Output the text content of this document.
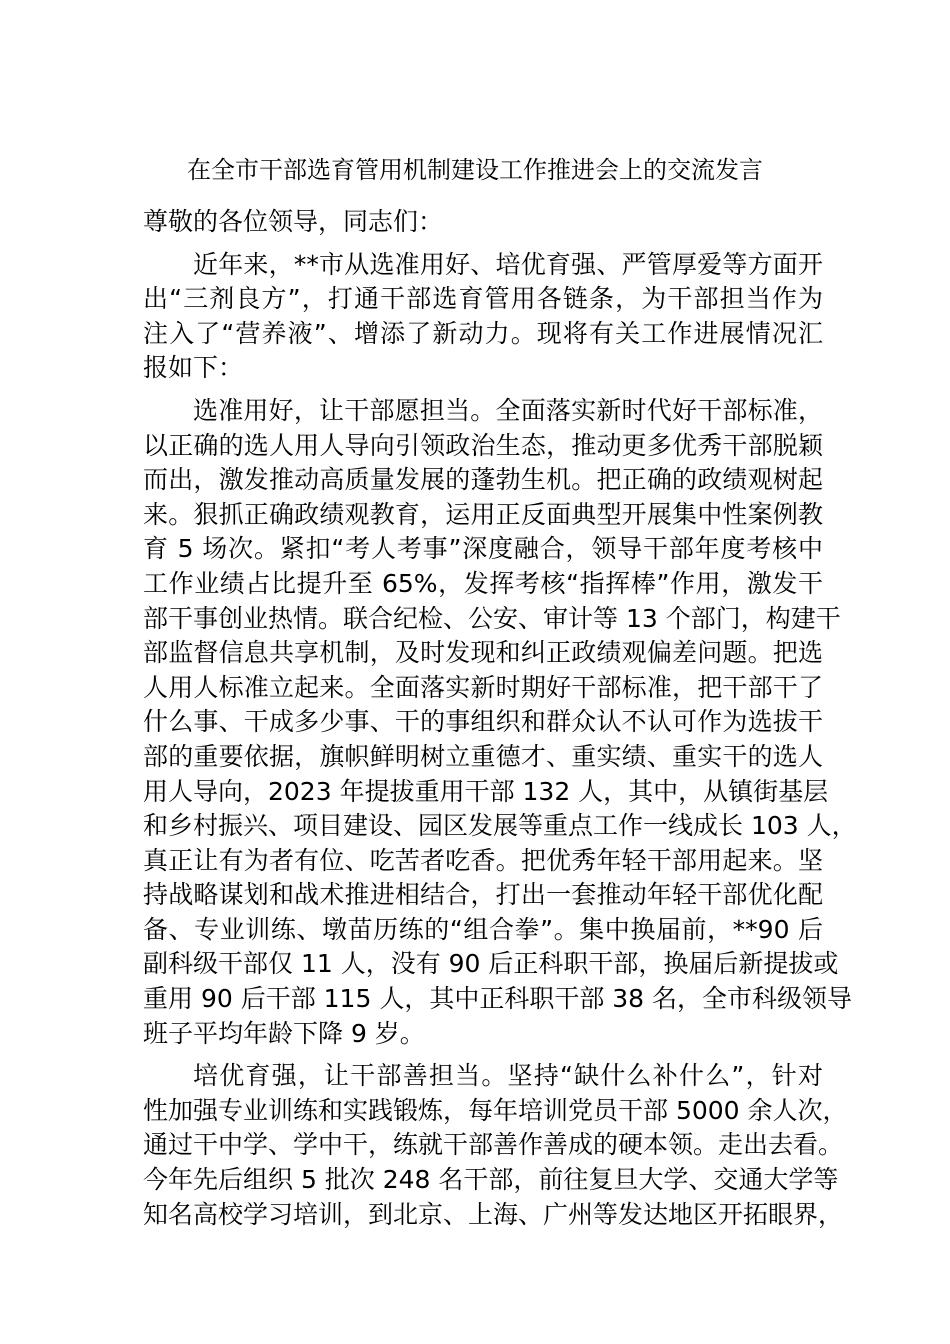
在全市干部选育管用机制建设工作推进会上的交流发言
尊敬的各位领导，同志们：
近年来，**市从选准用好、培优育强、严管厚爱等方面开
出“三剂良方”，打通干部选育管用各链条，为干部担当作为
注入了“营养液”、增添了新动力。现将有关工作进展情况汇
报如下：
选准用好，让干部愿担当。全面落实新时代好干部标准，
以正确的选人用人导向引领政治生态，推动更多优秀干部脱颖
而出，激发推动高质量发展的蓬勃生机。把正确的政绩观树起
来。狠抓正确政绩观教育，运用正反面典型开展集中性案例教
育 5 场次。紧扣“考人考事”深度融合，领导干部年度考核中
工作业绩占比提升至 65%，发挥考核“指挥棒”作用，激发干
部干事创业热情。联合纪检、公安、审计等 13 个部门，构建干
部监督信息共享机制，及时发现和纠正政绩观偏差问题。把选
人用人标准立起来。全面落实新时期好干部标准，把干部干了
什么事、干成多少事、干的事组织和群众认不认可作为选拔干
部的重要依据，旗帜鲜明树立重德才、重实绩、重实干的选人
用人导向，2023 年提拔重用干部 132 人，其中，从镇街基层
和乡村振兴、项目建设、园区发展等重点工作一线成长 103 人，
真正让有为者有位、吃苦者吃香。把优秀年轻干部用起来。坚
持战略谋划和战术推进相结合，打出一套推动年轻干部优化配
备、专业训练、墩苗历练的“组合拳”。集中换届前，**90 后
副科级干部仅 11 人，没有 90 后正科职干部，换届后新提拔或
重用 90 后干部 115 人，其中正科职干部 38 名，全市科级领导
班子平均年龄下降 9 岁。
培优育强，让干部善担当。坚持“缺什么补什么”，针对
性加强专业训练和实践锻炼，每年培训党员干部 5000 余人次，
通过干中学、学中干，练就干部善作善成的硬本领。走出去看。
今年先后组织 5 批次 248 名干部，前往复旦大学、交通大学等
知名高校学习培训，到北京、上海、广州等发达地区开拓眼界，
